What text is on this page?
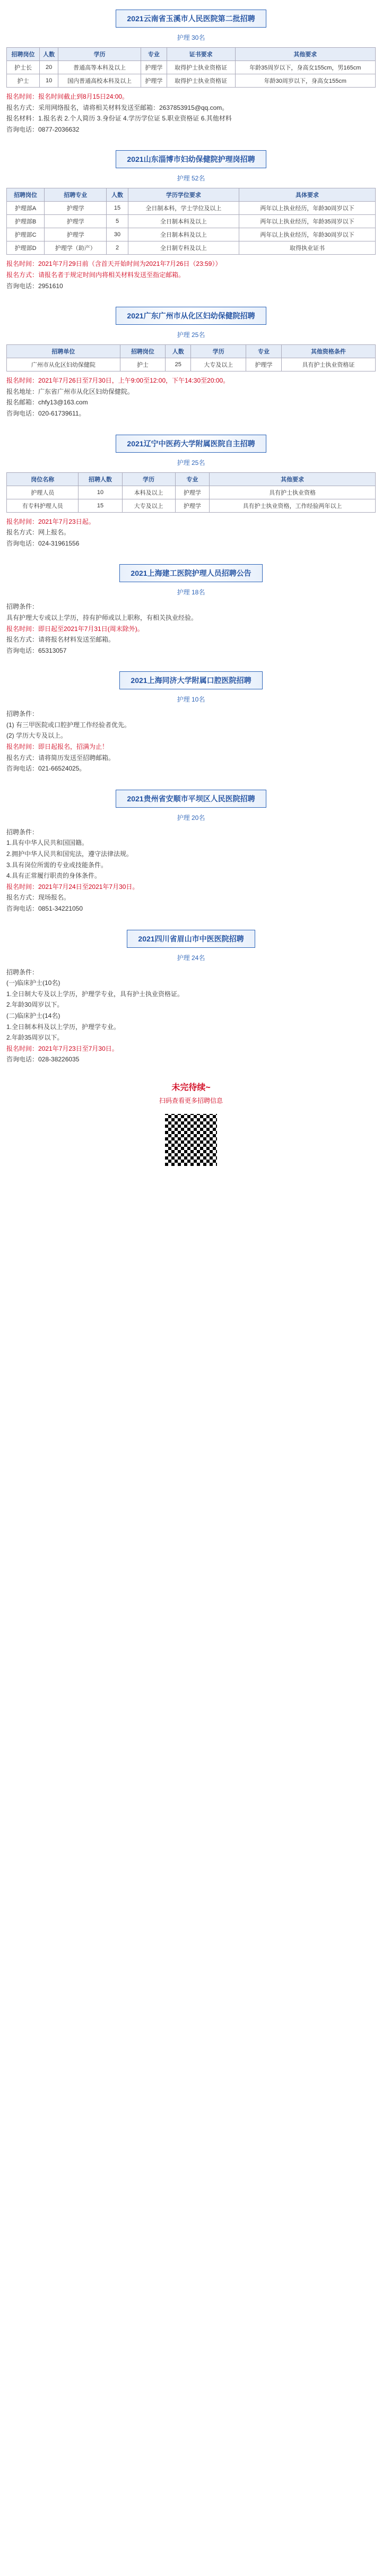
2021云南省玉溪市人民医院第二批招聘
护理 30名
招聘岗位	人数	学历	专业	证书要求	其他要求
护士长	20	普通高等本科及以上	护理学	取得护士执业资格证	年龄35周岁以下，身高女155cm，男165cm
护士	10	国内普通高校本科及以上	护理学	取得护士执业资格证	年龄30周岁以下，身高女155cm

报名时间：报名时间截止到8月15日24:00。

报名方式：采用网络报名，请将相关材料发送至邮箱：2637853915@qq.com。

报名材料：1.报名表 2.个人简历 3.身份证 4.学历学位证 5.职业资格证 6.其他材料

咨询电话：0877-2036632

2021山东淄博市妇幼保健院护理岗招聘
护理 52名
招聘岗位	招聘专业	人数	学历学位要求	具体要求
护理部A	护理学	15	全日制本科，学士学位及以上	两年以上执业经历，年龄30周岁以下
护理部B	护理学	5	全日制本科及以上	两年以上执业经历，年龄35周岁以下
护理部C	护理学	30	全日制本科及以上	两年以上执业经历，年龄30周岁以下
护理部D	护理学（助产）	2	全日制专科及以上	取得执业证书

报名时间：2021年7月29日前（含首天开始时间为2021年7月26日（23:59））

报名方式：请报名者于规定时间内将相关材料发送至指定邮箱。

咨询电话：2951610

2021广东广州市从化区妇幼保健院招聘
护理 25名
招聘单位	招聘岗位	人数	学历	专业	其他资格条件
广州市从化区妇幼保健院	护士	25	大专及以上	护理学	具有护士执业资格证

报名时间：2021年7月26日至7月30日，上午9:00至12:00，下午14:30至20:00。

报名地址：广东省广州市从化区妇幼保健院。

报名邮箱：chfy13@163.com

咨询电话：020-61739611。

2021辽宁中医药大学附属医院自主招聘
护理 25名
岗位名称	招聘人数	学历	专业	其他要求
护理人员	10	本科及以上	护理学	具有护士执业资格
有专科护理人员	15	大专及以上	护理学	具有护士执业资格，工作经验两年以上

报名时间：2021年7月23日起。

报名方式：网上报名。

咨询电话：024-31961556

2021上海建工医院护理人员招聘公告
护理 18名

招聘条件：

具有护理大专或以上学历，持有护师或以上职称，有相关执业经验。

报名时间：即日起至2021年7月31日(周末除外)。

报名方式：请将报名材料发送至邮箱。

咨询电话：65313057

2021上海同济大学附属口腔医院招聘
护理 10名

招聘条件：

(1) 有三甲医院或口腔护理工作经验者优先。

(2) 学历大专及以上。

报名时间：即日起报名，招满为止！

报名方式：请将简历发送至招聘邮箱。

咨询电话：021-66524025。

2021贵州省安顺市平坝区人民医院招聘
护理 20名

招聘条件：

1.具有中华人民共和国国籍。

2.拥护中华人民共和国宪法，遵守法律法规。

3.具有岗位所需的专业或技能条件。

4.具有正常履行职责的身体条件。

报名时间：2021年7月24日至2021年7月30日。

报名方式：现场报名。

咨询电话：0851-34221050

2021四川省眉山市中医医院招聘
护理 24名

招聘条件：

(一)临床护士(10名)

1.全日制大专及以上学历，护理学专业，具有护士执业资格证。

2.年龄30周岁以下。

(二)临床护士(14名)

1.全日制本科及以上学历，护理学专业。

2.年龄35周岁以下。

报名时间：2021年7月23日至7月30日。

咨询电话：028-38226035

未完待续~

扫码查看更多招聘信息
